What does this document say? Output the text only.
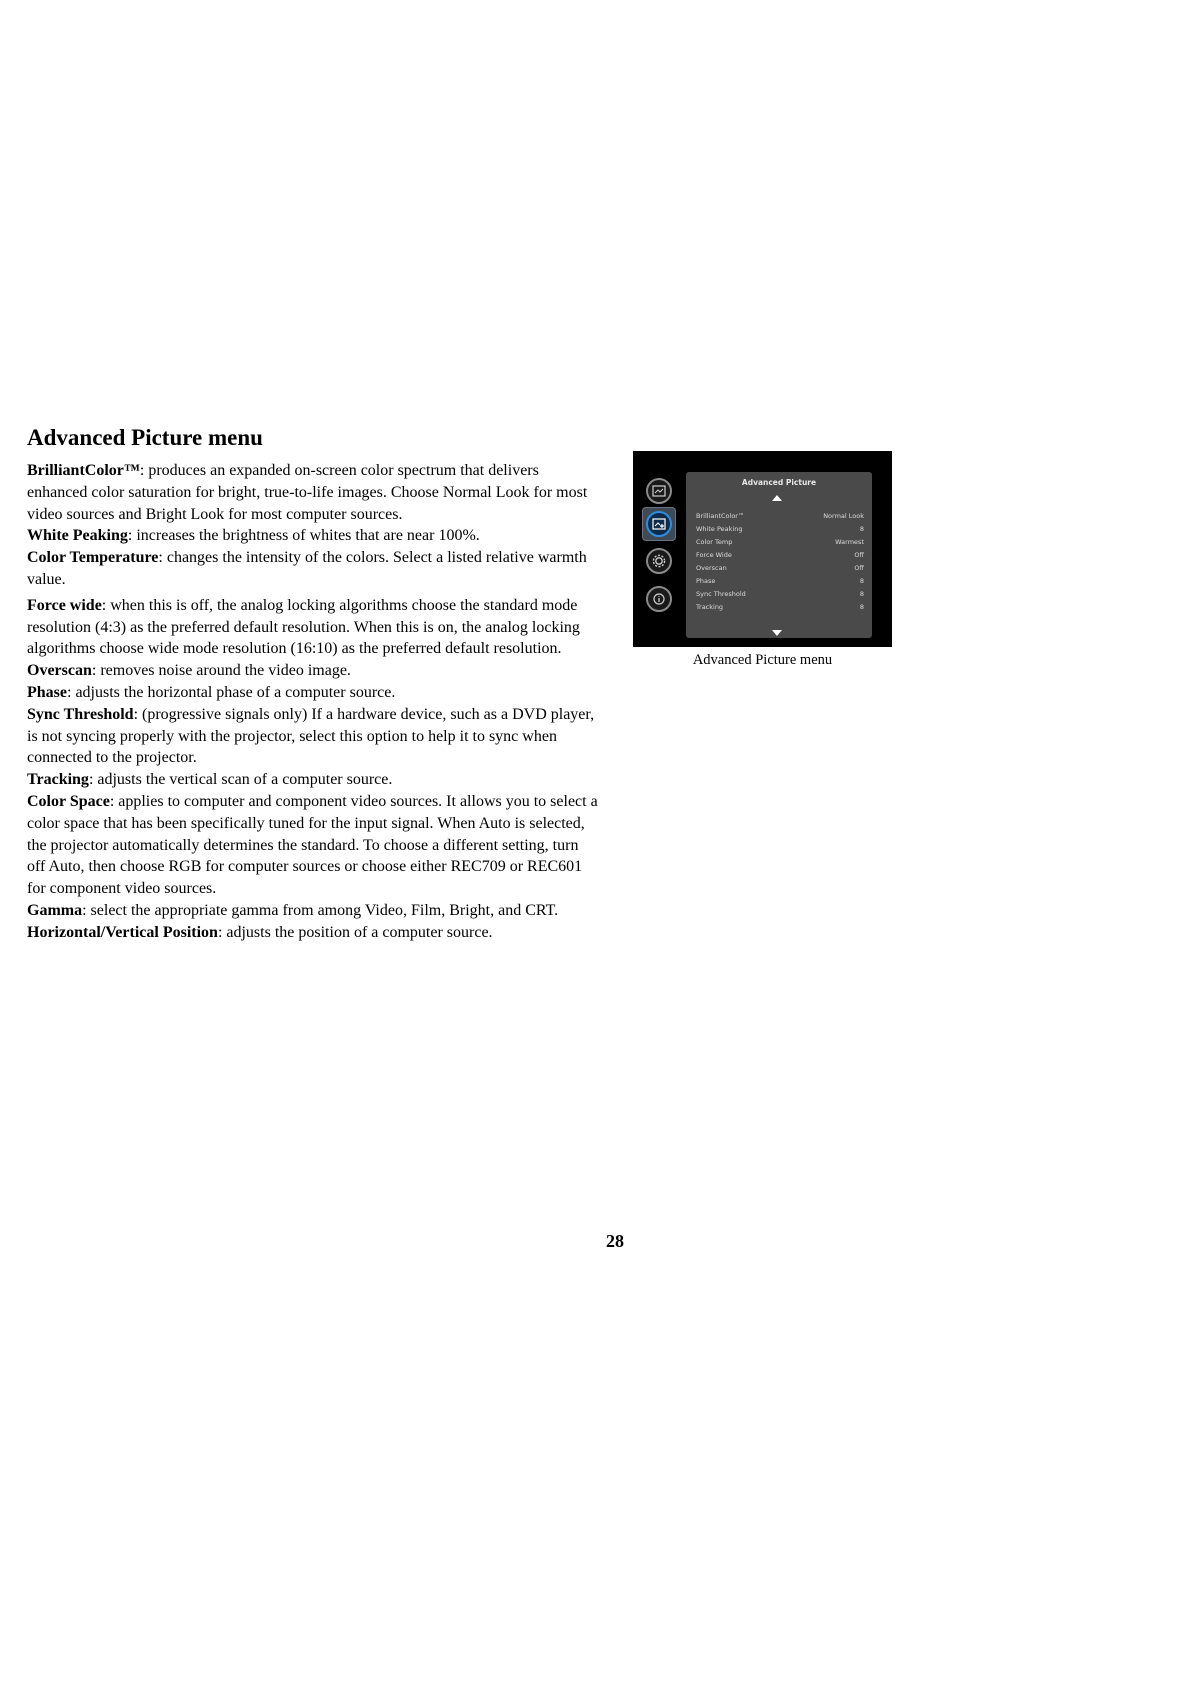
Advanced Picture menu

BrilliantColor™: produces an expanded on-screen color spectrum that delivers enhanced color saturation for bright, true-to-life images. Choose Normal Look for most video sources and Bright Look for most computer sources.

White Peaking: increases the brightness of whites that are near 100%.

Color Temperature: changes the intensity of the colors. Select a listed relative warmth value.

Force wide: when this is off, the analog locking algorithms choose the standard mode resolution (4:3) as the preferred default resolution. When this is on, the analog locking algorithms choose wide mode resolution (16:10) as the preferred default resolution.

Overscan: removes noise around the video image.

Phase: adjusts the horizontal phase of a computer source.

Sync Threshold: (progressive signals only) If a hardware device, such as a DVD player, is not syncing properly with the projector, select this option to help it to sync when connected to the projector.

Tracking: adjusts the vertical scan of a computer source.

Color Space: applies to computer and component video sources. It allows you to select a color space that has been specifically tuned for the input signal. When Auto is selected, the projector automatically determines the standard. To choose a different setting, turn off Auto, then choose RGB for computer sources or choose either REC709 or REC601 for component video sources.

Gamma: select the appropriate gamma from among Video, Film, Bright, and CRT.

Horizontal/Vertical Position: adjusts the position of a computer source.

Advanced Picture
BrilliantColor™	Normal Look
White Peaking	8
Color Temp	Warmest
Force Wide	Off
Overscan	Off
Phase	8
Sync Threshold	8
Tracking	8
Advanced Picture menu
28
